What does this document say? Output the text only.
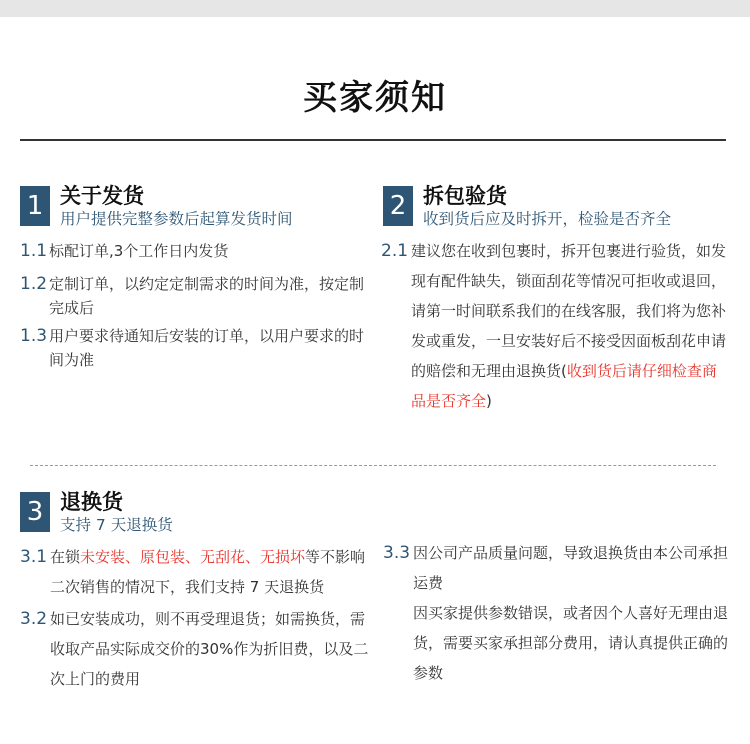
买家须知
1 关于发货
用户提供完整参数后起算发货时间
1.1 标配订单,3个工作日内发货
1.2 定制订单，以约定定制需求的时间为准，按定制完成后
1.3 用户要求待通知后安装的订单，以用户要求的时间为准
2 拆包验货
收到货后应及时拆开，检验是否齐全
2.1 建议您在收到包裹时，拆开包裹进行验货，如发现有配件缺失，锁面刮花等情况可拒收或退回，请第一时间联系我们的在线客服，我们将为您补发或重发，一旦安装好后不接受因面板刮花申请的赔偿和无理由退换货(收到货后请仔细检查商品是否齐全)
3 退换货
支持 7 天退换货
3.1 在锁未安装、原包装、无刮花、无损坏等不影响二次销售的情况下，我们支持 7 天退换货
3.2 如已安装成功，则不再受理退货；如需换货，需收取产品实际成交价的30%作为折旧费，以及二次上门的费用
3.3 因公司产品质量问题，导致退换货由本公司承担运费
因买家提供参数错误，或者因个人喜好无理由退货，需要买家承担部分费用，请认真提供正确的参数
